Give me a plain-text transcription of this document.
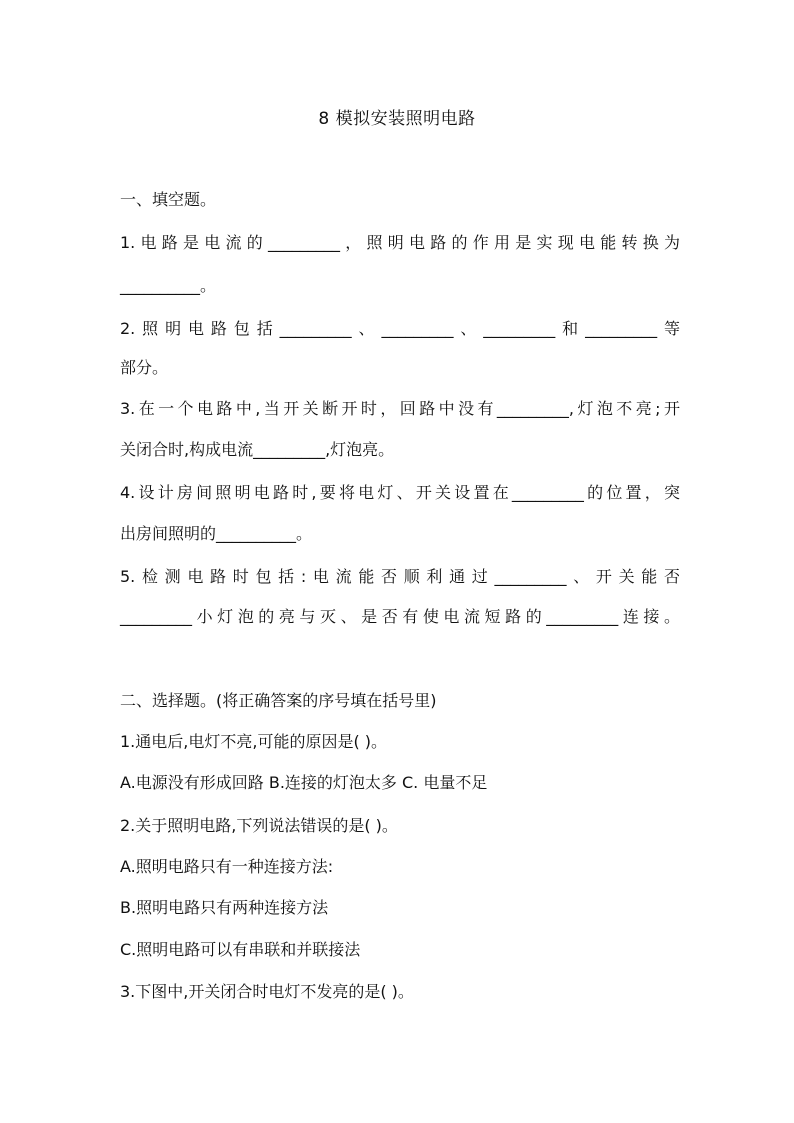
8 模拟安装照明电路
一、填空题。
1.电路是电流的_________，照明电路的作用是实现电能转换为
__________。
2.照明电路包括_________、_________、_________和_________等
部分。
3.在一个电路中,当开关断开时，回路中没有_________,灯泡不亮;开
关闭合时,构成电流_________,灯泡亮。
4.设计房间照明电路时,要将电灯、开关设置在_________的位置，突
出房间照明的__________。
5.检测电路时包括:电流能否顺利通过_________、开关能否
_________小灯泡的亮与灭、是否有使电流短路的_________连接。
二、选择题。(将正确答案的序号填在括号里)
1.通电后,电灯不亮,可能的原因是( )。
A.电源没有形成回路 B.连接的灯泡太多 C. 电量不足
2.关于照明电路,下列说法错误的是( )。
A.照明电路只有一种连接方法:
B.照明电路只有两种连接方法
C.照明电路可以有串联和并联接法
3.下图中,开关闭合时电灯不发亮的是( )。
